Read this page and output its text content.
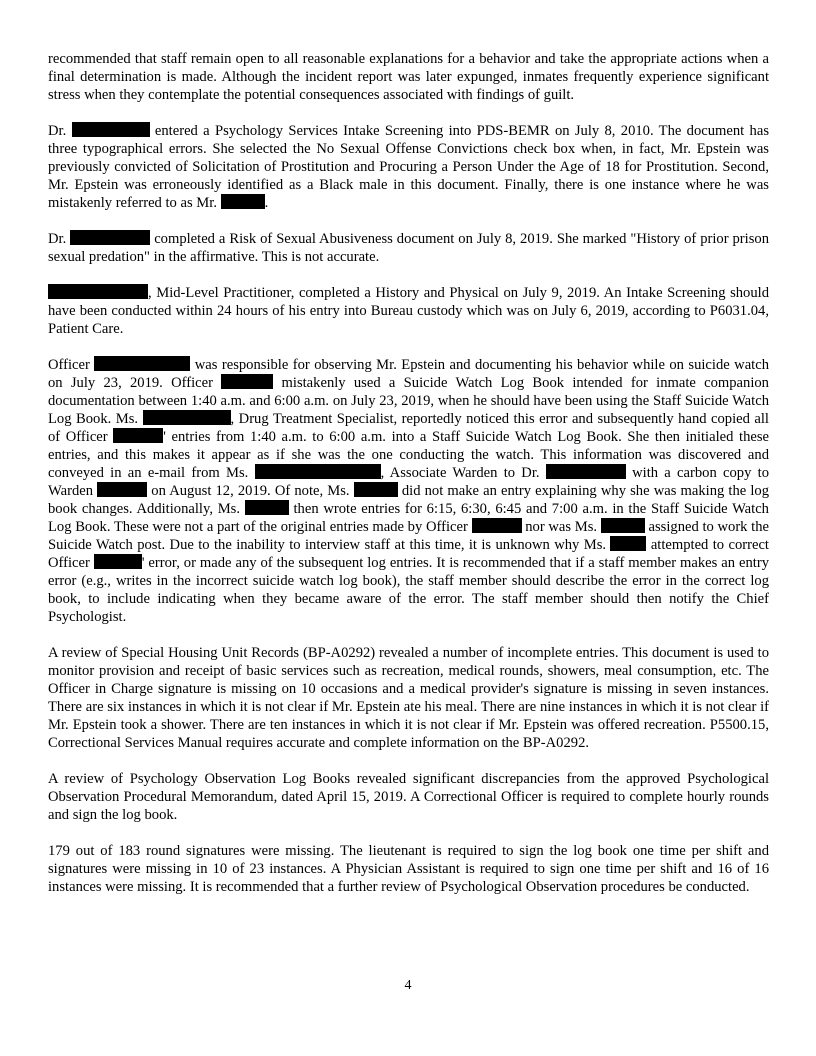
recommended that staff remain open to all reasonable explanations for a behavior and take the appropriate actions when a final determination is made. Although the incident report was later expunged, inmates frequently experience significant stress when they contemplate the potential consequences associated with findings of guilt.

Dr.	entered a Psychology Services Intake Screening into PDS-BEMR on July 8, 2010. The document has three typographical errors. She selected the No Sexual Offense Convictions check box when, in fact, Mr. Epstein was previously convicted of Solicitation of Prostitution and Procuring a Person Under the Age of 18 for Prostitution. Second, Mr. Epstein was erroneously identified as a Black male in this document. Finally, there is one instance where he was mistakenly referred to as Mr.	.

Dr.	completed a Risk of Sexual Abusiveness document on July 8, 2019. She marked "History of prior prison sexual predation" in the affirmative. This is not accurate.

, Mid-Level Practitioner, completed a History and Physical on July 9, 2019. An Intake Screening should have been conducted within 24 hours of his entry into Bureau custody which was on July 6, 2019, according to P6031.04, Patient Care.

Officer	was responsible for observing Mr. Epstein and documenting his behavior while on suicide watch on July 23, 2019. Officer	mistakenly used a Suicide Watch Log Book intended for inmate companion documentation between 1:40 a.m. and 6:00 a.m. on July 23, 2019, when he should have been using the Staff Suicide Watch Log Book. Ms.	, Drug Treatment Specialist, reportedly noticed this error and subsequently hand copied all of Officer	' entries from 1:40 a.m. to 6:00 a.m. into a Staff Suicide Watch Log Book. She then initialed these entries, and this makes it appear as if she was the one conducting the watch. This information was discovered and conveyed in an e-mail from Ms.	, Associate Warden to Dr.	with a carbon copy to Warden	on August 12, 2019. Of note, Ms.	did not make an entry explaining why she was making the log book changes. Additionally, Ms.	then wrote entries for 6:15, 6:30, 6:45 and 7:00 a.m. in the Staff Suicide Watch Log Book. These were not a part of the original entries made by Officer	nor was Ms.	assigned to work the Suicide Watch post. Due to the inability to interview staff at this time, it is unknown why Ms.	attempted to correct Officer	' error, or made any of the subsequent log entries. It is recommended that if a staff member makes an entry error (e.g., writes in the incorrect suicide watch log book), the staff member should describe the error in the correct log book, to include indicating when they became aware of the error. The staff member should then notify the Chief Psychologist.

A review of Special Housing Unit Records (BP-A0292) revealed a number of incomplete entries. This document is used to monitor provision and receipt of basic services such as recreation, medical rounds, showers, meal consumption, etc. The Officer in Charge signature is missing on 10 occasions and a medical provider's signature is missing in seven instances. There are six instances in which it is not clear if Mr. Epstein ate his meal. There are nine instances in which it is not clear if Mr. Epstein took a shower. There are ten instances in which it is not clear if Mr. Epstein was offered recreation. P5500.15, Correctional Services Manual requires accurate and complete information on the BP-A0292.

A review of Psychology Observation Log Books revealed significant discrepancies from the approved Psychological Observation Procedural Memorandum, dated April 15, 2019. A Correctional Officer is required to complete hourly rounds and sign the log book.

179 out of 183 round signatures were missing. The lieutenant is required to sign the log book one time per shift and signatures were missing in 10 of 23 instances. A Physician Assistant is required to sign one time per shift and 16 of 16 instances were missing. It is recommended that a further review of Psychological Observation procedures be conducted.

4
